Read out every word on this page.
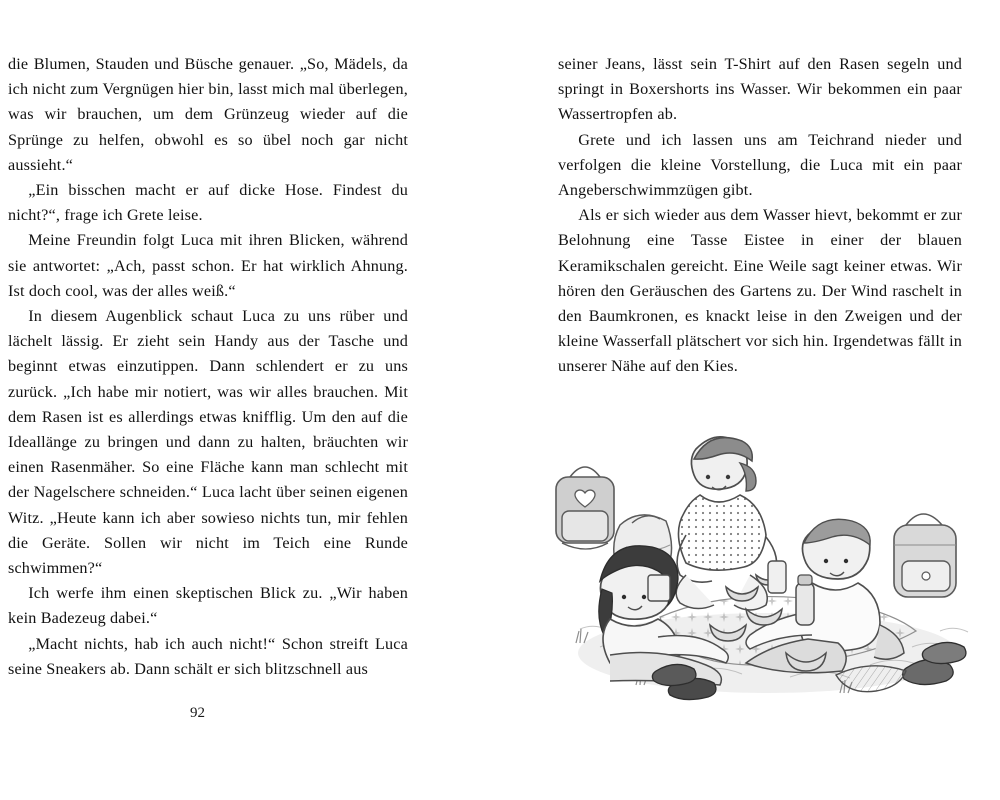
die Blumen, Stauden und Büsche genauer. „So, Mädels, da ich nicht zum Vergnügen hier bin, lasst mich mal überlegen, was wir brauchen, um dem Grünzeug wieder auf die Sprünge zu helfen, obwohl es so übel noch gar nicht aussieht.“

„Ein bisschen macht er auf dicke Hose. Findest du nicht?“, frage ich Grete leise.

Meine Freundin folgt Luca mit ihren Blicken, während sie antwortet: „Ach, passt schon. Er hat wirklich Ahnung. Ist doch cool, was der alles weiß.“

In diesem Augenblick schaut Luca zu uns rüber und lächelt lässig. Er zieht sein Handy aus der Tasche und beginnt etwas einzutippen. Dann schlendert er zu uns zurück. „Ich habe mir notiert, was wir alles brauchen. Mit dem Rasen ist es allerdings etwas knifflig. Um den auf die Ideallänge zu bringen und dann zu halten, bräuchten wir einen Rasenmäher. So eine Fläche kann man schlecht mit der Nagelschere schneiden.“ Luca lacht über seinen eigenen Witz. „Heute kann ich aber sowieso nichts tun, mir fehlen die Geräte. Sollen wir nicht im Teich eine Runde schwimmen?“

Ich werfe ihm einen skeptischen Blick zu. „Wir haben kein Badezeug dabei.“

„Macht nichts, hab ich auch nicht!“ Schon streift Luca seine Sneakers ab. Dann schält er sich blitzschnell aus

seiner Jeans, lässt sein T-Shirt auf den Rasen segeln und springt in Boxershorts ins Wasser. Wir bekommen ein paar Wassertropfen ab.

Grete und ich lassen uns am Teichrand nieder und verfolgen die kleine Vorstellung, die Luca mit ein paar Angeberschwimmzügen gibt.

Als er sich wieder aus dem Wasser hievt, bekommt er zur Belohnung eine Tasse Eistee in einer der blauen Keramikschalen gereicht. Eine Weile sagt keiner etwas. Wir hören den Geräuschen des Gartens zu. Der Wind raschelt in den Baumkronen, es knackt leise in den Zweigen und der kleine Wasserfall plätschert vor sich hin. Irgendetwas fällt in unserer Nähe auf den Kies.

92
